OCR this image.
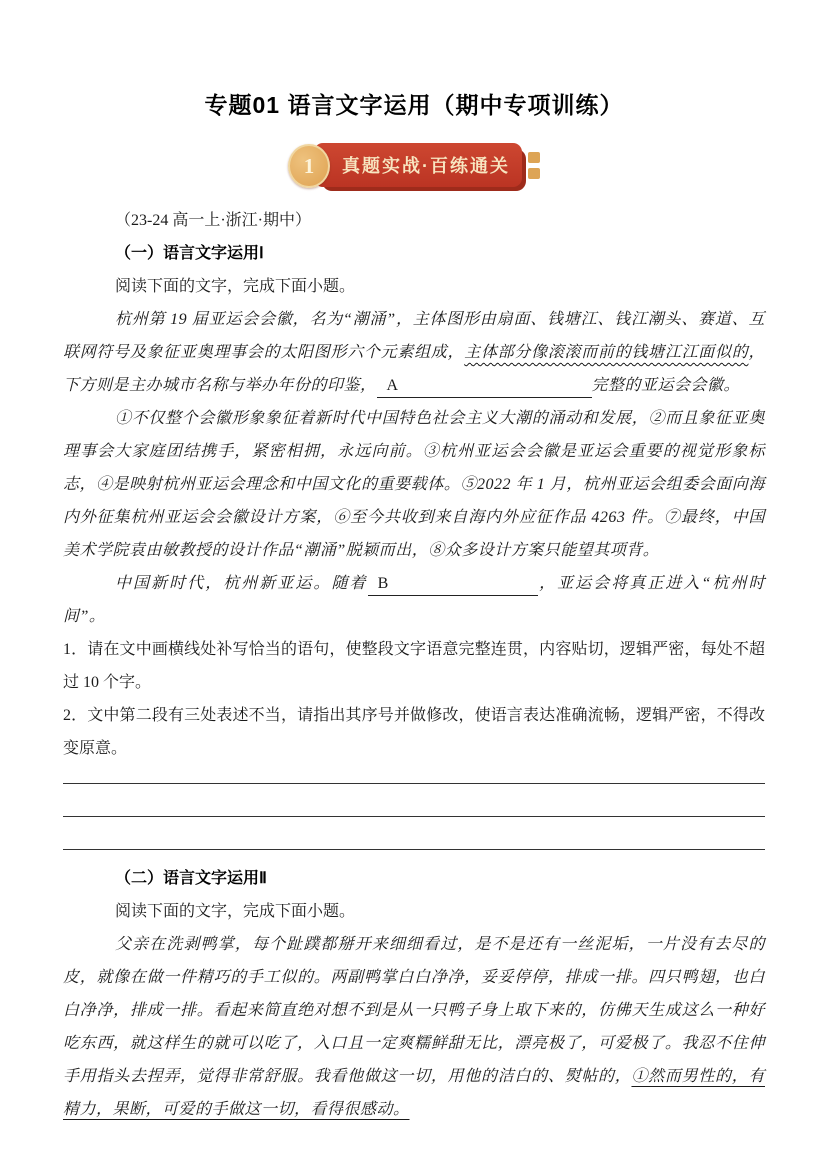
专题01 语言文字运用（期中专项训练）
真题实战·百练通关
1

（23-24 高一上·浙江·期中）

（一）语言文字运用Ⅰ

阅读下面的文字，完成下面小题。

杭州第 19 届亚运会会徽，名为“潮涌”，主体图形由扇面、钱塘江、钱江潮头、赛道、互联网符号及象征亚奥理事会的太阳图形六个元素组成，主体部分像滚滚而前的钱塘江江面似的，下方则是主办城市名称与举办年份的印鉴， A	完整的亚运会会徽。

①不仅整个会徽形象象征着新时代中国特色社会主义大潮的涌动和发展，②而且象征亚奥理事会大家庭团结携手，紧密相拥，永远向前。③杭州亚运会会徽是亚运会重要的视觉形象标志，④是映射杭州亚运会理念和中国文化的重要载体。⑤2022 年 1 月，杭州亚运会组委会面向海内外征集杭州亚运会会徽设计方案，⑥至今共收到来自海内外应征作品 4263 件。⑦最终，中国美术学院袁由敏教授的设计作品“潮涌”脱颖而出，⑧众多设计方案只能望其项背。

中国新时代，杭州新亚运。随着 B	，亚运会将真正进入“杭州时间”。

1．请在文中画横线处补写恰当的语句，使整段文字语意完整连贯，内容贴切，逻辑严密，每处不超过 10 个字。

2．文中第二段有三处表述不当，请指出其序号并做修改，使语言表达准确流畅，逻辑严密，不得改变原意。

（二）语言文字运用Ⅱ

阅读下面的文字，完成下面小题。

父亲在洗剥鸭掌，每个趾蹼都掰开来细细看过，是不是还有一丝泥垢，一片没有去尽的皮，就像在做一件精巧的手工似的。两副鸭掌白白净净，妥妥停停，排成一排。四只鸭翅，也白白净净，排成一排。看起来简直绝对想不到是从一只鸭子身上取下来的，仿佛天生成这么一种好吃东西，就这样生的就可以吃了，入口且一定爽糯鲜甜无比，漂亮极了，可爱极了。我忍不住伸手用指头去捏弄，觉得非常舒服。我看他做这一切，用他的洁白的、熨帖的，①然而男性的，有精力，果断，可爱的手做这一切，看得很感动。
